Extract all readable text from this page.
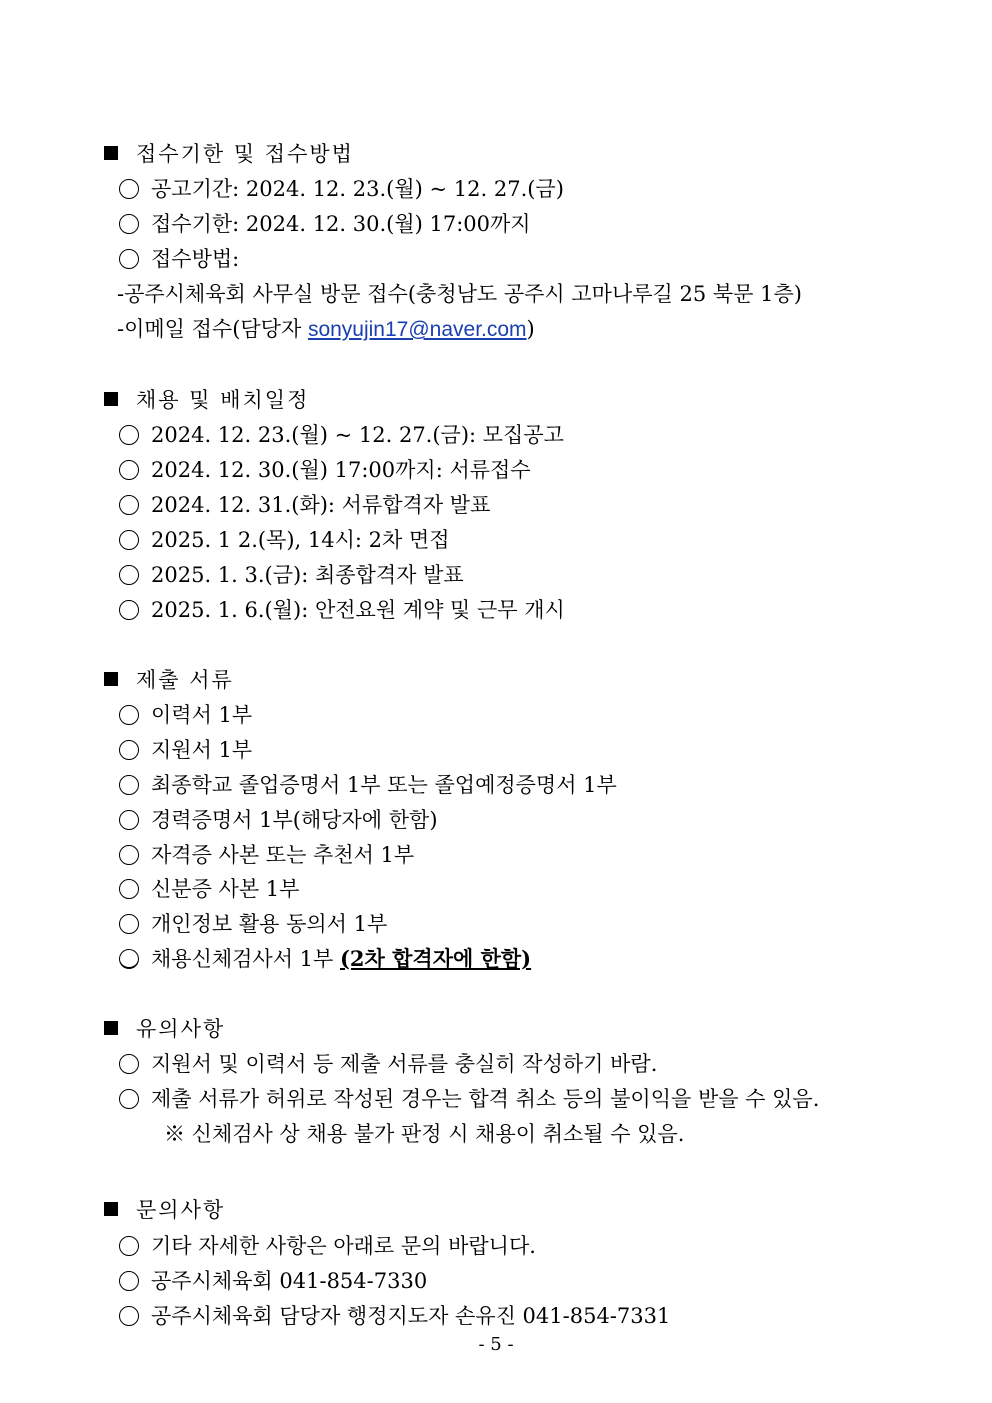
접수기한 및 접수방법
공고기간: 2024. 12. 23.(월) ~ 12. 27.(금)
접수기한: 2024. 12. 30.(월) 17:00까지
접수방법:
-공주시체육회 사무실 방문 접수(충청남도 공주시 고마나루길 25 북문 1층)
-이메일 접수(담당자 sonyujin17@naver.com)
채용 및 배치일정
2024. 12. 23.(월) ~ 12. 27.(금): 모집공고
2024. 12. 30.(월) 17:00까지: 서류접수
2024. 12. 31.(화): 서류합격자 발표
2025. 1 2.(목), 14시: 2차 면접
2025. 1. 3.(금): 최종합격자 발표
2025. 1. 6.(월): 안전요원 계약 및 근무 개시
제출 서류
이력서 1부
지원서 1부
최종학교 졸업증명서 1부 또는 졸업예정증명서 1부
경력증명서 1부(해당자에 한함)
자격증 사본 또는 추천서 1부
신분증 사본 1부
개인정보 활용 동의서 1부
채용신체검사서 1부 (2차 합격자에 한함)
유의사항
지원서 및 이력서 등 제출 서류를 충실히 작성하기 바람.
제출 서류가 허위로 작성된 경우는 합격 취소 등의 불이익을 받을 수 있음.
※ 신체검사 상 채용 불가 판정 시 채용이 취소될 수 있음.
문의사항
기타 자세한 사항은 아래로 문의 바랍니다.
공주시체육회 041-854-7330
공주시체육회 담당자 행정지도자 손유진 041-854-7331
- 5 -
